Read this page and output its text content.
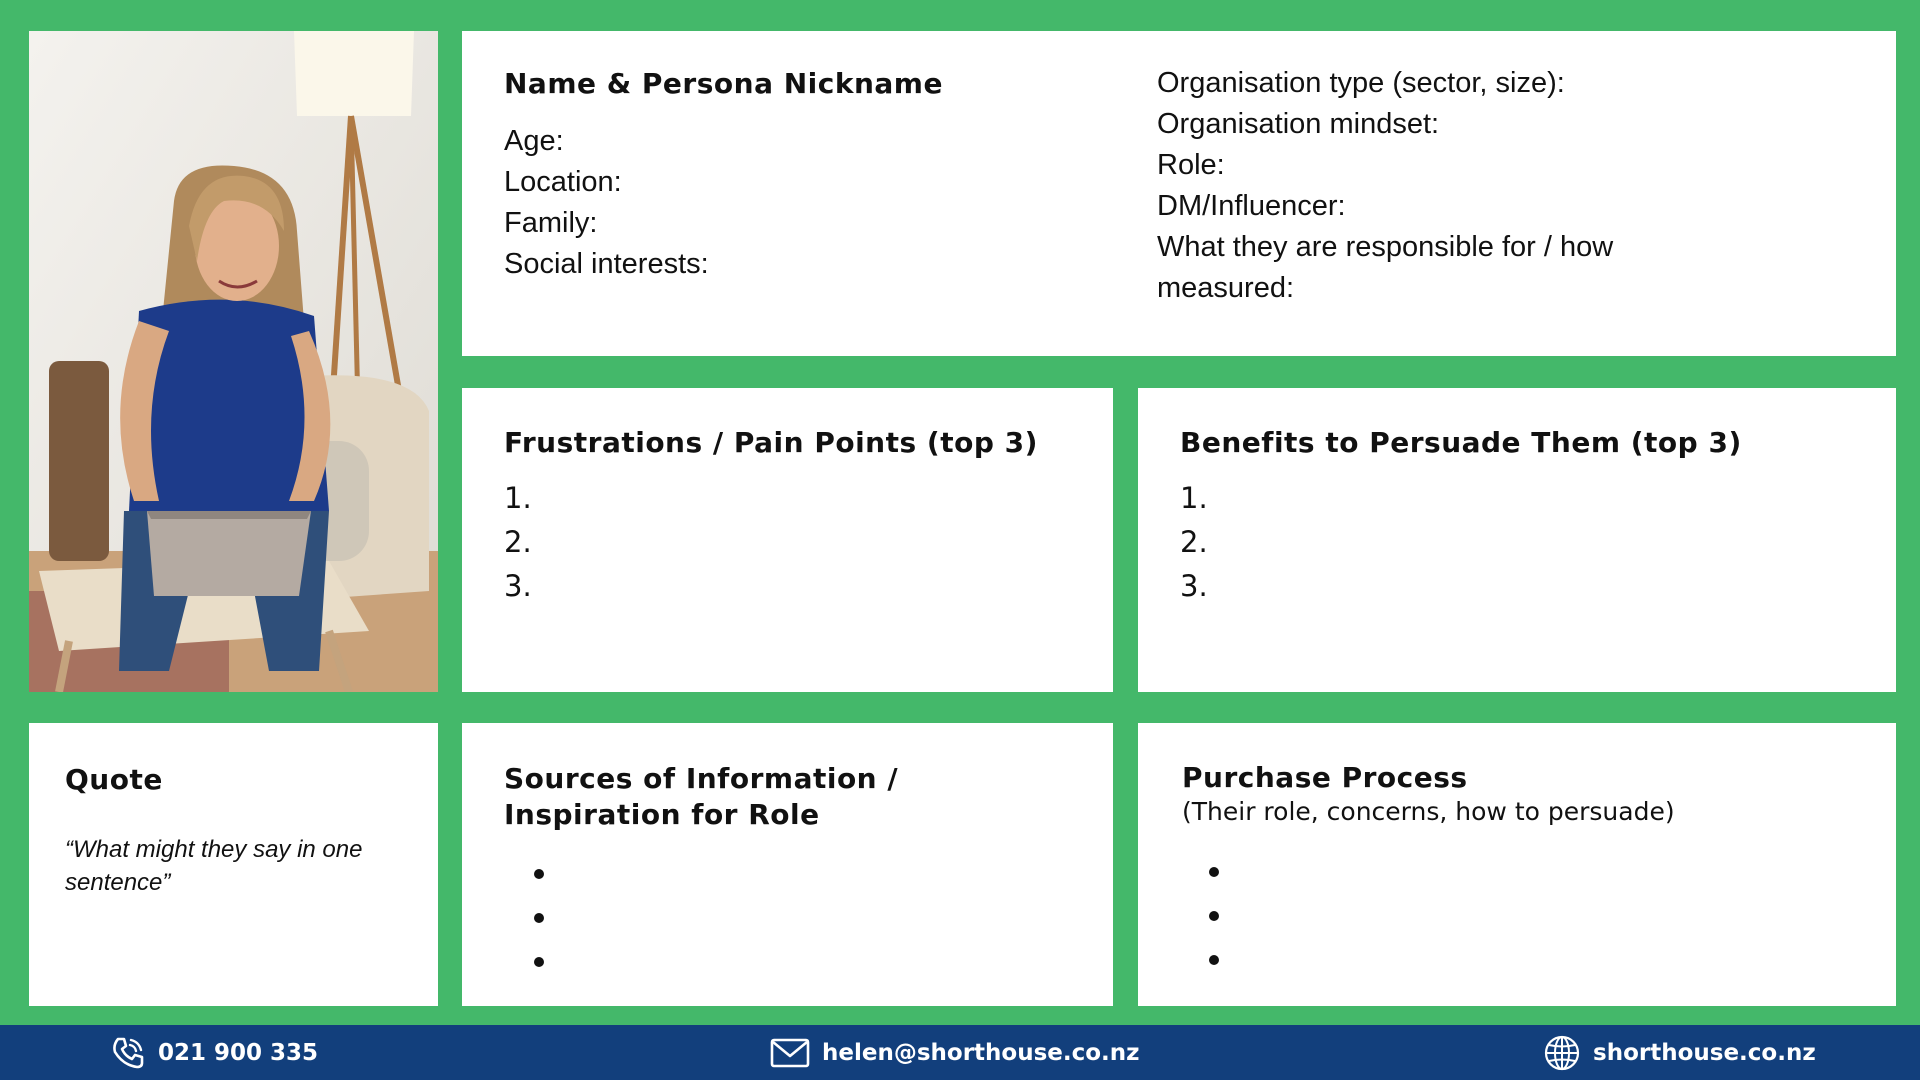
Name & Persona Nickname
Age:
Location:
Family:
Social interests:
Organisation type (sector, size):
Organisation mindset:
Role:
DM/Influencer:
What they are responsible for / how measured:
Frustrations / Pain Points (top 3)
1.
2.
3.
Benefits to Persuade Them (top 3)
1.
2.
3.
Quote
“What might they say in one sentence”
Sources of Information / Inspiration for Role
Purchase Process
(Their role, concerns, how to persuade)
021 900 335	helen@shorthouse.co.nz	shorthouse.co.nz
